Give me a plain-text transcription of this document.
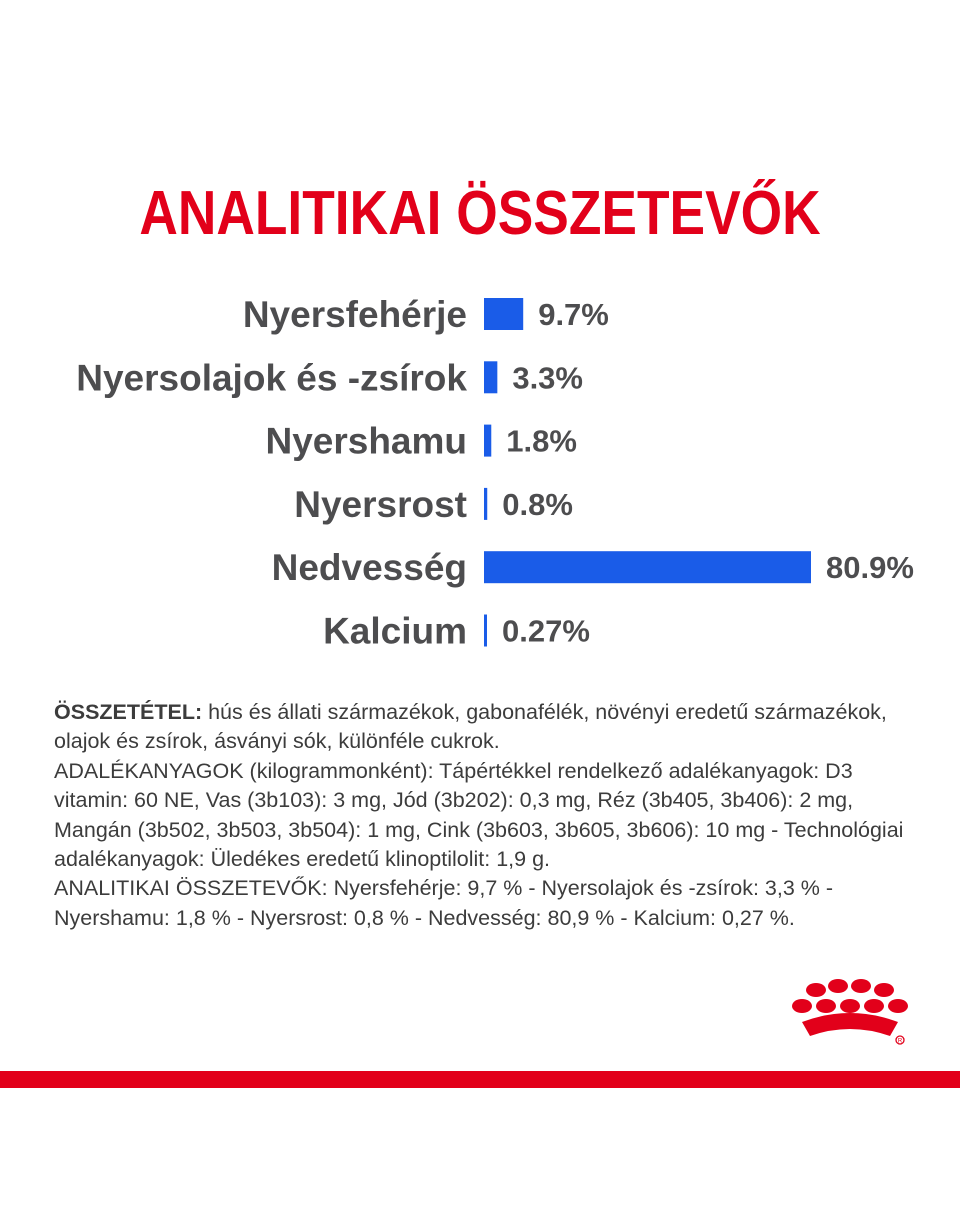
ANALITIKAI ÖSSZETEVŐK
Nyersfehérje 9.7%
Nyersolajok és -zsírok 3.3%
Nyershamu 1.8%
Nyersrost 0.8%
Nedvesség	80.9%
Kalcium 0.27%

ÖSSZETÉTEL: hús és állati származékok, gabonafélék, növényi eredetű származékok, olajok és zsírok, ásványi sók, különféle cukrok.

ADALÉKANYAGOK (kilogrammonként): Tápértékkel rendelkező adalékanyagok: D3 vitamin: 60 NE, Vas (3b103): 3 mg, Jód (3b202): 0,3 mg, Réz (3b405, 3b406): 2 mg, Mangán (3b502, 3b503, 3b504): 1 mg, Cink (3b603, 3b605, 3b606): 10 mg - Technológiai adalékanyagok: Üledékes eredetű klinoptilolit: 1,9 g.

ANALITIKAI ÖSSZETEVŐK: Nyersfehérje: 9,7 % - Nyersolajok és -zsírok: 3,3 % - Nyershamu: 1,8 % - Nyersrost: 0,8 % - Nedvesség: 80,9 % - Kalcium: 0,27 %.

R
